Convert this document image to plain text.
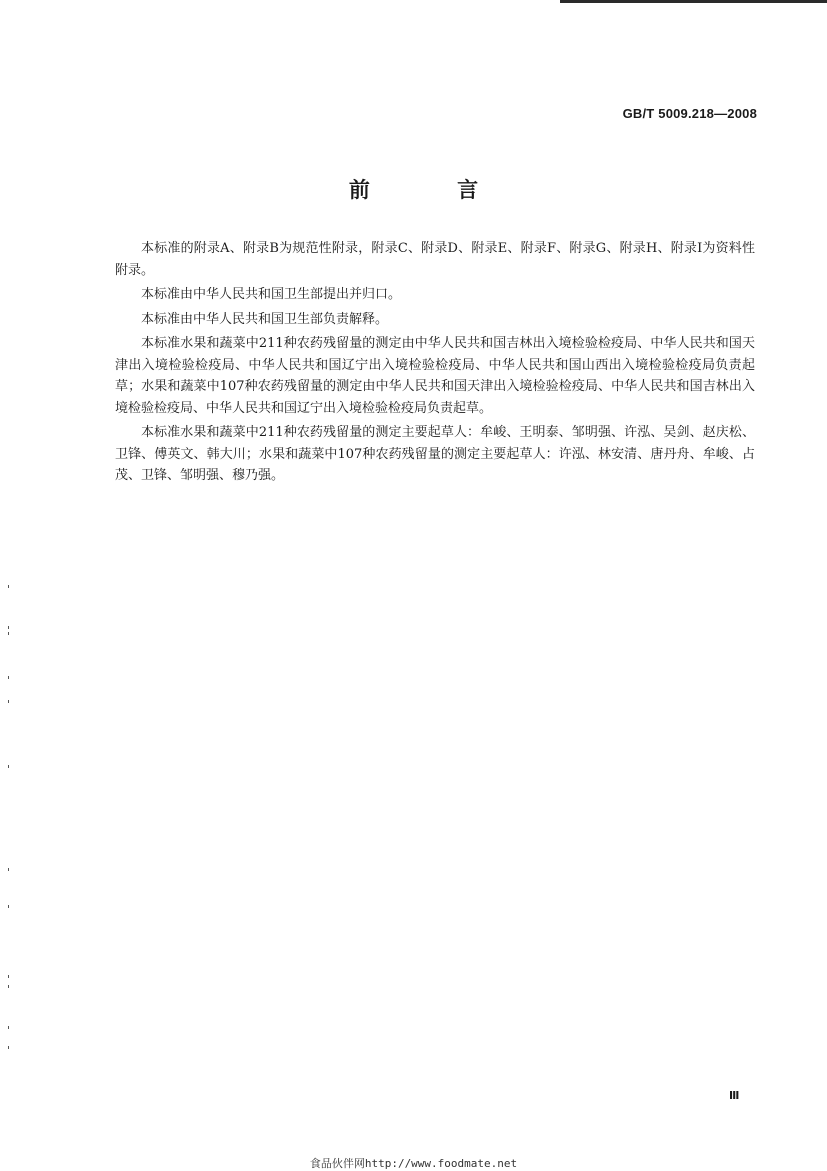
GB/T 5009.218—2008
前 言

本标准的附录A、附录B为规范性附录，附录C、附录D、附录E、附录F、附录G、附录H、附录I为资料性附录。

本标准由中华人民共和国卫生部提出并归口。

本标准由中华人民共和国卫生部负责解释。

本标准水果和蔬菜中211种农药残留量的测定由中华人民共和国吉林出入境检验检疫局、中华人民共和国天津出入境检验检疫局、中华人民共和国辽宁出入境检验检疫局、中华人民共和国山西出入境检验检疫局负责起草；水果和蔬菜中107种农药残留量的测定由中华人民共和国天津出入境检验检疫局、中华人民共和国吉林出入境检验检疫局、中华人民共和国辽宁出入境检验检疫局负责起草。

本标准水果和蔬菜中211种农药残留量的测定主要起草人：牟峻、王明泰、邹明强、许泓、吴剑、赵庆松、卫锋、傅英文、韩大川；水果和蔬菜中107种农药残留量的测定主要起草人：许泓、林安清、唐丹舟、牟峻、占茂、卫锋、邹明强、穆乃强。

Ⅲ
食品伙伴网http://www.foodmate.net
